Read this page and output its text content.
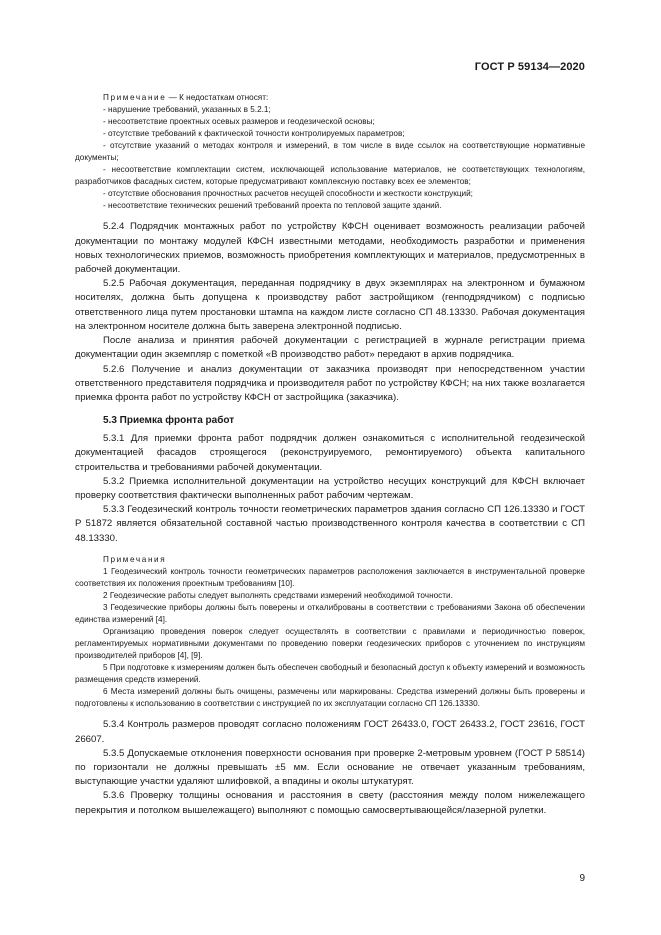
ГОСТ Р 59134—2020

Примечание — К недостаткам относят:

- нарушение требований, указанных в 5.2.1;

- несоответствие проектных осевых размеров и геодезической основы;

- отсутствие требований к фактической точности контролируемых параметров;

- отсутствие указаний о методах контроля и измерений, в том числе в виде ссылок на соответствующие нормативные документы;

- несоответствие комплектации систем, исключающей использование материалов, не соответствующих технологиям, разработчиков фасадных систем, которые предусматривают комплексную поставку всех ее элементов;

- отсутствие обоснования прочностных расчетов несущей способности и жесткости конструкций;

- несоответствие технических решений требований проекта по тепловой защите зданий.

5.2.4 Подрядчик монтажных работ по устройству КФСН оценивает возможность реализации рабочей документации по монтажу модулей КФСН известными методами, необходимость разработки и применения новых технологических приемов, возможность приобретения комплектующих и материалов, предусмотренных в рабочей документации.

5.2.5 Рабочая документация, переданная подрядчику в двух экземплярах на электронном и бумажном носителях, должна быть допущена к производству работ застройщиком (генподрядчиком) с подписью ответственного лица путем простановки штампа на каждом листе согласно СП 48.13330. Рабочая документация на электронном носителе должна быть заверена электронной подписью.

После анализа и принятия рабочей документации с регистрацией в журнале регистрации приема документации один экземпляр с пометкой «В производство работ» передают в архив подрядчика.

5.2.6 Получение и анализ документации от заказчика производят при непосредственном участии ответственного представителя подрядчика и производителя работ по устройству КФСН; на них также возлагается приемка фронта работ по устройству КФСН от застройщика (заказчика).

5.3 Приемка фронта работ

5.3.1 Для приемки фронта работ подрядчик должен ознакомиться с исполнительной геодезической документацией фасадов строящегося (реконструируемого, ремонтируемого) объекта капитального строительства и требованиями рабочей документации.

5.3.2 Приемка исполнительной документации на устройство несущих конструкций для КФСН включает проверку соответствия фактически выполненных работ рабочим чертежам.

5.3.3 Геодезический контроль точности геометрических параметров здания согласно СП 126.13330 и ГОСТ Р 51872 является обязательной составной частью производственного контроля качества в соответствии с СП 48.13330.

Примечания

1 Геодезический контроль точности геометрических параметров расположения заключается в инструментальной проверке соответствия их положения проектным требованиям [10].

2 Геодезические работы следует выполнять средствами измерений необходимой точности.

3 Геодезические приборы должны быть поверены и откалиброваны в соответствии с требованиями Закона об обеспечении единства измерений [4].

Организацию проведения поверок следует осуществлять в соответствии с правилами и периодичностью поверок, регламентируемых нормативными документами по проведению поверки геодезических приборов с уточнением по инструкциям производителей приборов [4], [9].

5 При подготовке к измерениям должен быть обеспечен свободный и безопасный доступ к объекту измерений и возможность размещения средств измерений.

6 Места измерений должны быть очищены, размечены или маркированы. Средства измерений должны быть проверены и подготовлены к использованию в соответствии с инструкцией по их эксплуатации согласно СП 126.13330.

5.3.4 Контроль размеров проводят согласно положениям ГОСТ 26433.0, ГОСТ 26433.2, ГОСТ 23616, ГОСТ 26607.

5.3.5 Допускаемые отклонения поверхности основания при проверке 2-метровым уровнем (ГОСТ Р 58514) по горизонтали не должны превышать ±5 мм. Если основание не отвечает указанным требованиям, выступающие участки удаляют шлифовкой, а впадины и околы штукатурят.

5.3.6 Проверку толщины основания и расстояния в свету (расстояния между полом нижележащего перекрытия и потолком вышележащего) выполняют с помощью самосвертывающейся/лазерной рулетки.

9
